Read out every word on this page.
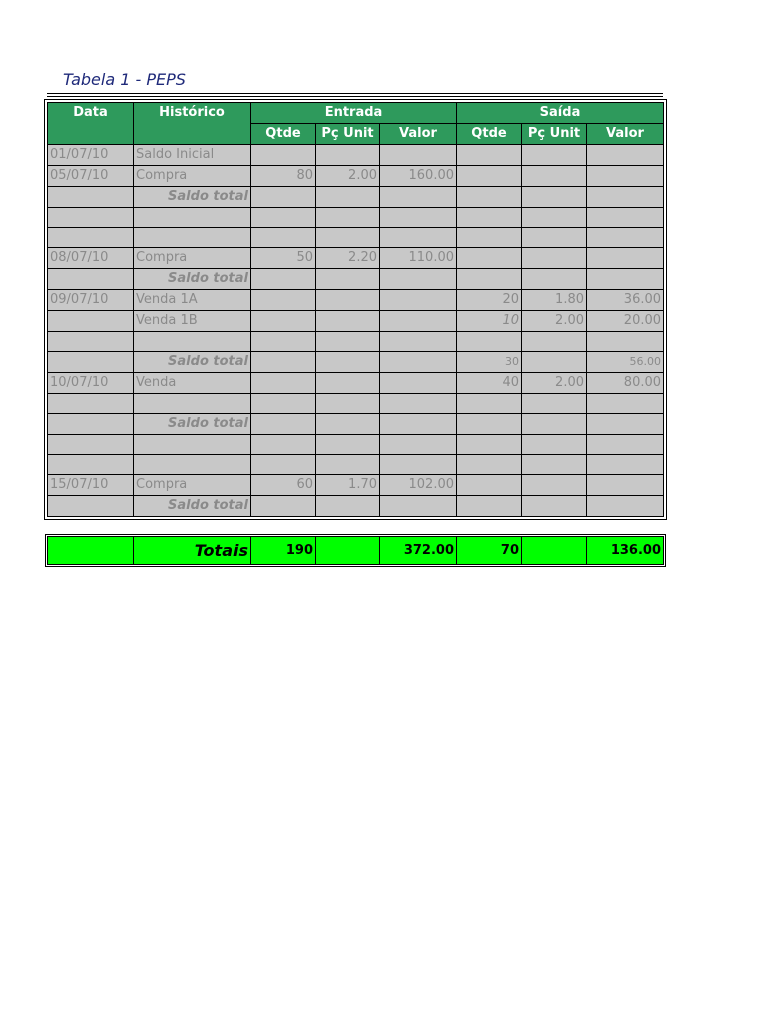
Tabela 1 - PEPS
Data	Histórico	Entrada			Saída		
		Qtde	Pç Unit	Valor	Qtde	Pç Unit	Valor
01/07/10	Saldo Inicial						
05/07/10	Compra	80	2.00	160.00			
	Saldo total						

08/07/10	Compra	50	2.20	110.00			
	Saldo total						
09/07/10	Venda 1A				20	1.80	36.00
	Venda 1B				10	2.00	20.00

	Saldo total				30		56.00
10/07/10	Venda				40	2.00	80.00

	Saldo total						

15/07/10	Compra	60	1.70	102.00			
	Saldo total						
	Totais	190		372.00	70		136.00
